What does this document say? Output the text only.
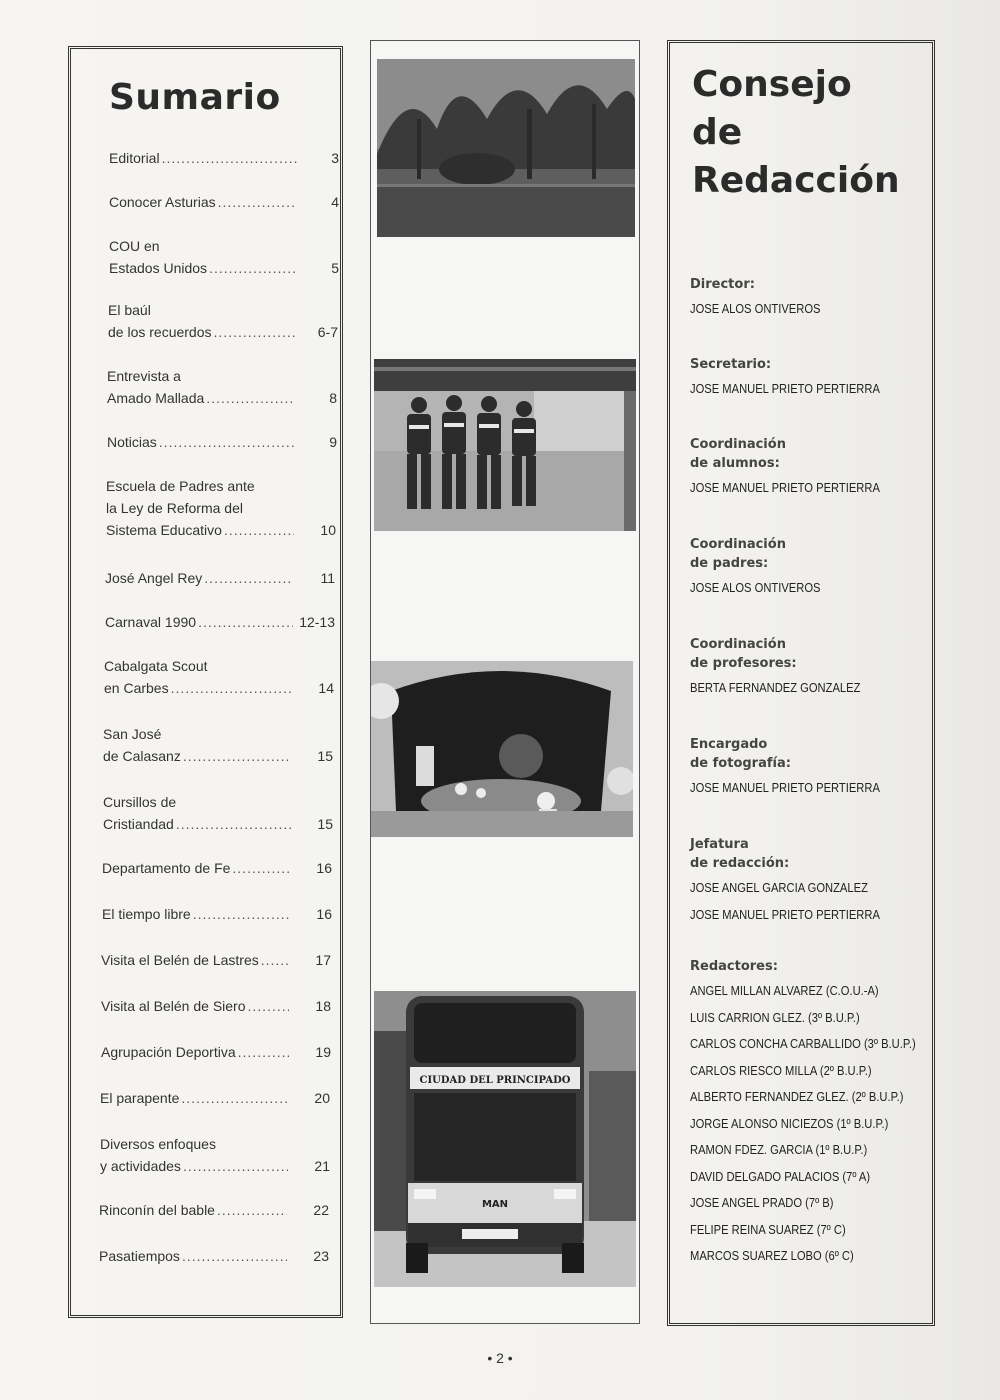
Sumario
Editorial .....	3
Conocer Asturias .....	4
COU en
Estados Unidos .....	5
El baúl
de los recuerdos .....	6-7
Entrevista a
Amado Mallada .....	8
Noticias .....	9
Escuela de Padres ante
la Ley de Reforma del
Sistema Educativo .....	10
José Angel Rey .....	11
Carnaval 1990 .....	12-13
Cabalgata Scout
en Carbes .....	14
San José
de Calasanz .....	15
Cursillos de
Cristiandad .....	15
Departamento de Fe .....	16
El tiempo libre .....	16
Visita el Belén de Lastres .....	17
Visita al Belén de Siero .....	18
Agrupación Deportiva .....	19
El parapente .....	20
Diversos enfoques
y actividades .....	21
Rinconín del bable .....	22
Pasatiempos .....	23
CIUDAD DEL PRINCIPADO
MAN
Consejo
de
Redacción
Director:
JOSE ALOS ONTIVEROS
Secretario:
JOSE MANUEL PRIETO PERTIERRA
Coordinación
de alumnos:
JOSE MANUEL PRIETO PERTIERRA
Coordinación
de padres:
JOSE ALOS ONTIVEROS
Coordinación
de profesores:
BERTA FERNANDEZ GONZALEZ
Encargado
de fotografía:
JOSE MANUEL PRIETO PERTIERRA
Jefatura
de redacción:
JOSE ANGEL GARCIA GONZALEZ
JOSE MANUEL PRIETO PERTIERRA
Redactores:
ANGEL MILLAN ALVAREZ (C.O.U.-A)
LUIS CARRION GLEZ. (3º B.U.P.)
CARLOS CONCHA CARBALLIDO (3º B.U.P.)
CARLOS RIESCO MILLA (2º B.U.P.)
ALBERTO FERNANDEZ GLEZ. (2º B.U.P.)
JORGE ALONSO NICIEZOS (1º B.U.P.)
RAMON FDEZ. GARCIA (1º B.U.P.)
DAVID DELGADO PALACIOS (7º A)
JOSE ANGEL PRADO (7º B)
FELIPE REINA SUAREZ (7º C)
MARCOS SUAREZ LOBO (6º C)
• 2 •
